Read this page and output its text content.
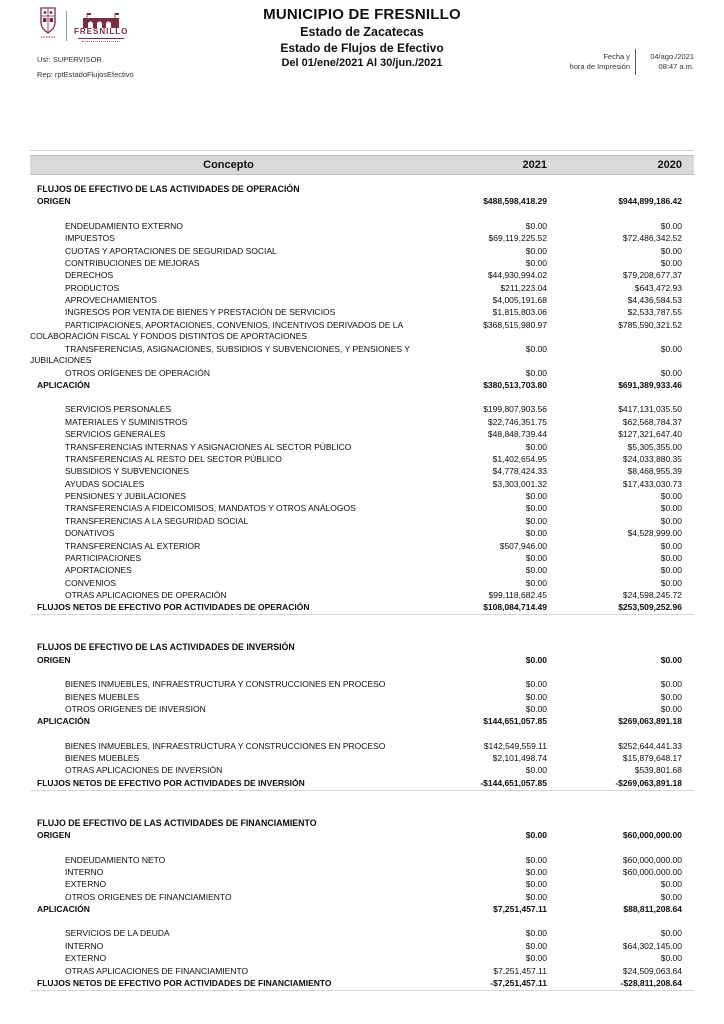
FRESNILLO
MUNICIPIO DE FRESNILLO
Estado de Zacatecas
Estado de Flujos de Efectivo
Del 01/ene/2021 Al 30/jun./2021
Usr: SUPERVISOR
Rep: rptEstadoFlujosEfectivo
Fecha y
hora de Impresión
04/ago./2021
08:47 a.m.
Concepto	2021	2020
FLUJOS DE EFECTIVO DE LAS ACTIVIDADES DE OPERACIÓN
ORIGEN	$488,598,418.29	$944,899,186.42
ENDEUDAMIENTO EXTERNO	$0.00	$0.00
IMPUESTOS	$69,119,225.52	$72,486,342.52
CUOTAS Y APORTACIONES DE SEGURIDAD SOCIAL	$0.00	$0.00
CONTRIBUCIONES DE MEJORAS	$0.00	$0.00
DERECHOS	$44,930,994.02	$79,208,677.37
PRODUCTOS	$211,223.04	$643,472.93
APROVECHAMIENTOS	$4,005,191.68	$4,436,584.53
INGRESOS POR VENTA DE BIENES Y PRESTACIÓN DE SERVICIOS	$1,815,803.06	$2,533,787.55
PARTICIPACIONES, APORTACIONES, CONVENIOS, INCENTIVOS DERIVADOS DE LA COLABORACIÓN FISCAL Y FONDOS DISTINTOS DE APORTACIONES
$368,515,980.97	$785,590,321.52
TRANSFERENCIAS, ASIGNACIONES, SUBSIDIOS Y SUBVENCIONES, Y PENSIONES Y JUBILACIONES
$0.00	$0.00
OTROS ORÍGENES DE OPERACIÓN	$0.00	$0.00
APLICACIÓN	$380,513,703.80	$691,389,933.46
SERVICIOS PERSONALES	$199,807,903.56	$417,131,035.50
MATERIALES Y SUMINISTROS	$22,746,351.75	$62,568,784.37
SERVICIOS GENERALES	$48,848,739.44	$127,321,647.40
TRANSFERENCIAS INTERNAS Y ASIGNACIONES AL SECTOR PÚBLICO	$0.00	$5,305,355.00
TRANSFERENCIAS AL RESTO DEL SECTOR PÚBLICO	$1,402,654.95	$24,033,880.35
SUBSIDIOS Y SUBVENCIONES	$4,778,424.33	$8,468,955.39
AYUDAS SOCIALES	$3,303,001.32	$17,433,030.73
PENSIONES Y JUBILACIONES	$0.00	$0.00
TRANSFERENCIAS A FIDEICOMISOS, MANDATOS Y OTROS ANÁLOGOS	$0.00	$0.00
TRANSFERENCIAS A LA SEGURIDAD SOCIAL	$0.00	$0.00
DONATIVOS	$0.00	$4,528,999.00
TRANSFERENCIAS AL EXTERIOR	$507,946.00	$0.00
PARTICIPACIONES	$0.00	$0.00
APORTACIONES	$0.00	$0.00
CONVENIOS	$0.00	$0.00
OTRAS APLICACIONES DE OPERACIÓN	$99,118,682.45	$24,598,245.72
FLUJOS NETOS DE EFECTIVO POR ACTIVIDADES DE OPERACIÓN	$108,084,714.49	$253,509,252.96
FLUJOS DE EFECTIVO DE LAS ACTIVIDADES DE INVERSIÓN
ORIGEN	$0.00	$0.00
BIENES INMUEBLES, INFRAESTRUCTURA Y CONSTRUCCIONES EN PROCESO	$0.00	$0.00
BIENES MUEBLES	$0.00	$0.00
OTROS ORIGENES DE INVERSION	$0.00	$0.00
APLICACIÓN	$144,651,057.85	$269,063,891.18
BIENES INMUEBLES, INFRAESTRUCTURA Y CONSTRUCCIONES EN PROCESO	$142,549,559.11	$252,644,441.33
BIENES MUEBLES	$2,101,498.74	$15,879,648.17
OTRAS APLICACIONES DE INVERSIÓN	$0.00	$539,801.68
FLUJOS NETOS DE EFECTIVO POR ACTIVIDADES DE INVERSIÓN	-$144,651,057.85	-$269,063,891.18
FLUJO DE EFECTIVO DE LAS ACTIVIDADES DE FINANCIAMIENTO
ORIGEN	$0.00	$60,000,000.00
ENDEUDAMIENTO NETO	$0.00	$60,000,000.00
INTERNO	$0.00	$60,000,000.00
EXTERNO	$0.00	$0.00
OTROS ORIGENES DE FINANCIAMIENTO	$0.00	$0.00
APLICACIÓN	$7,251,457.11	$88,811,208.64
SERVICIOS DE LA DEUDA	$0.00	$0.00
INTERNO	$0.00	$64,302,145.00
EXTERNO	$0.00	$0.00
OTRAS APLICACIONES DE FINANCIAMIENTO	$7,251,457.11	$24,509,063.64
FLUJOS NETOS DE EFECTIVO POR ACTIVIDADES DE FINANCIAMIENTO	-$7,251,457.11	-$28,811,208.64
